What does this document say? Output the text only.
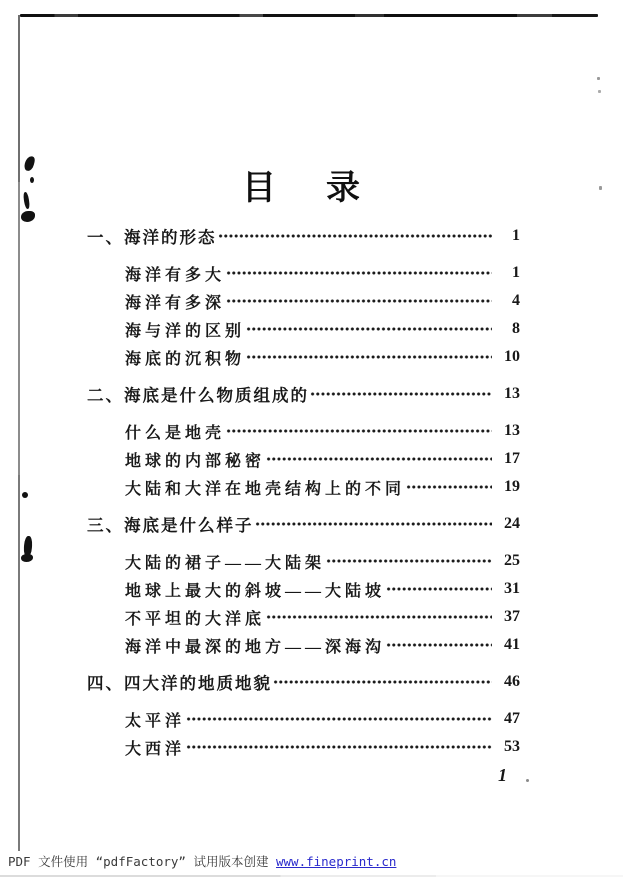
目　录
一、海洋的形态	1
海洋有多大	1
海洋有多深	4
海与洋的区别	8
海底的沉积物	10
二、海底是什么物质组成的	13
什么是地壳	13
地球的内部秘密	17
大陆和大洋在地壳结构上的不同	19
三、海底是什么样子	24
大陆的裙子——大陆架	25
地球上最大的斜坡——大陆坡	31
不平坦的大洋底	37
海洋中最深的地方——深海沟	41
四、四大洋的地质地貌	46
太平洋	47
大西洋	53
1
PDF 文件使用 “pdfFactory” 试用版本创建 www.fineprint.cn
